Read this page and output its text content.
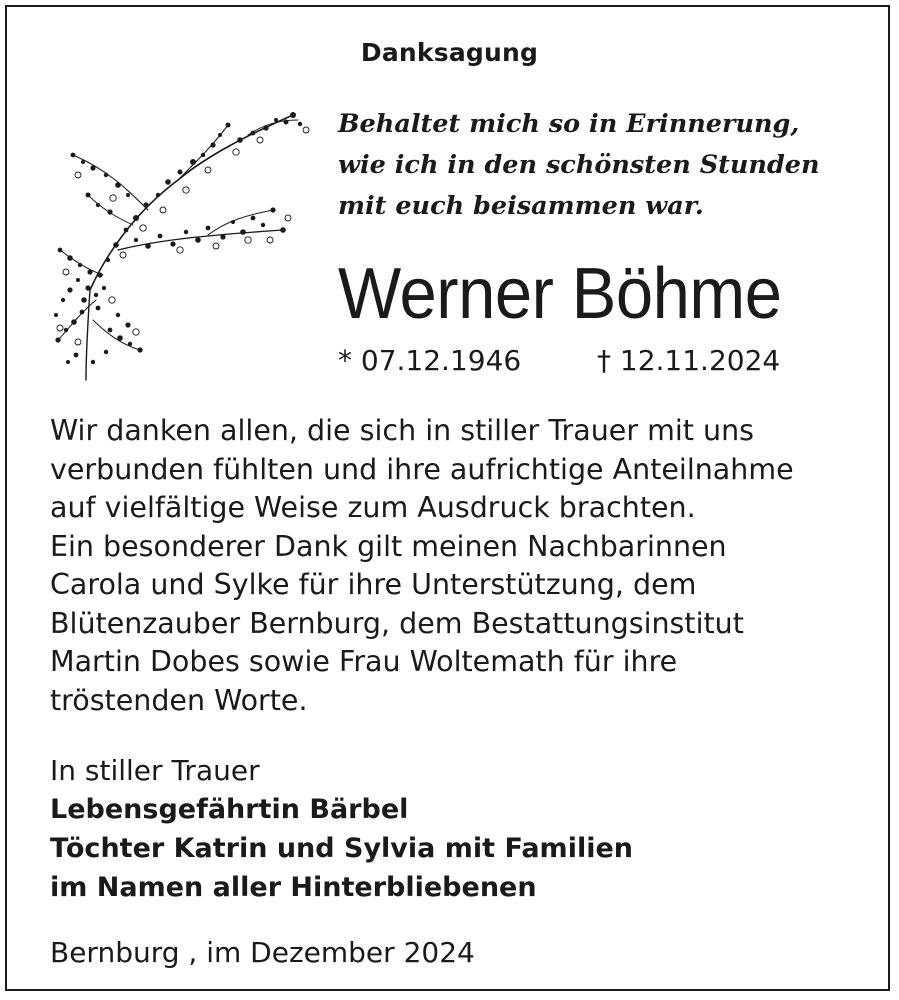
Danksagung
Behaltet mich so in Erinnerung,
wie ich in den schönsten Stunden
mit euch beisammen war.
Werner Böhme
* 07.12.1946	† 12.11.2024
Wir danken allen, die sich in stiller Trauer mit uns
verbunden fühlten und ihre aufrichtige Anteilnahme
auf vielfältige Weise zum Ausdruck brachten.
Ein besonderer Dank gilt meinen Nachbarinnen
Carola und Sylke für ihre Unterstützung, dem
Blütenzauber Bernburg, dem Bestattungsinstitut
Martin Dobes sowie Frau Woltemath für ihre
tröstenden Worte.
In stiller Trauer
Lebensgefährtin Bärbel
Töchter Katrin und Sylvia mit Familien
im Namen aller Hinterbliebenen
Bernburg , im Dezember 2024
